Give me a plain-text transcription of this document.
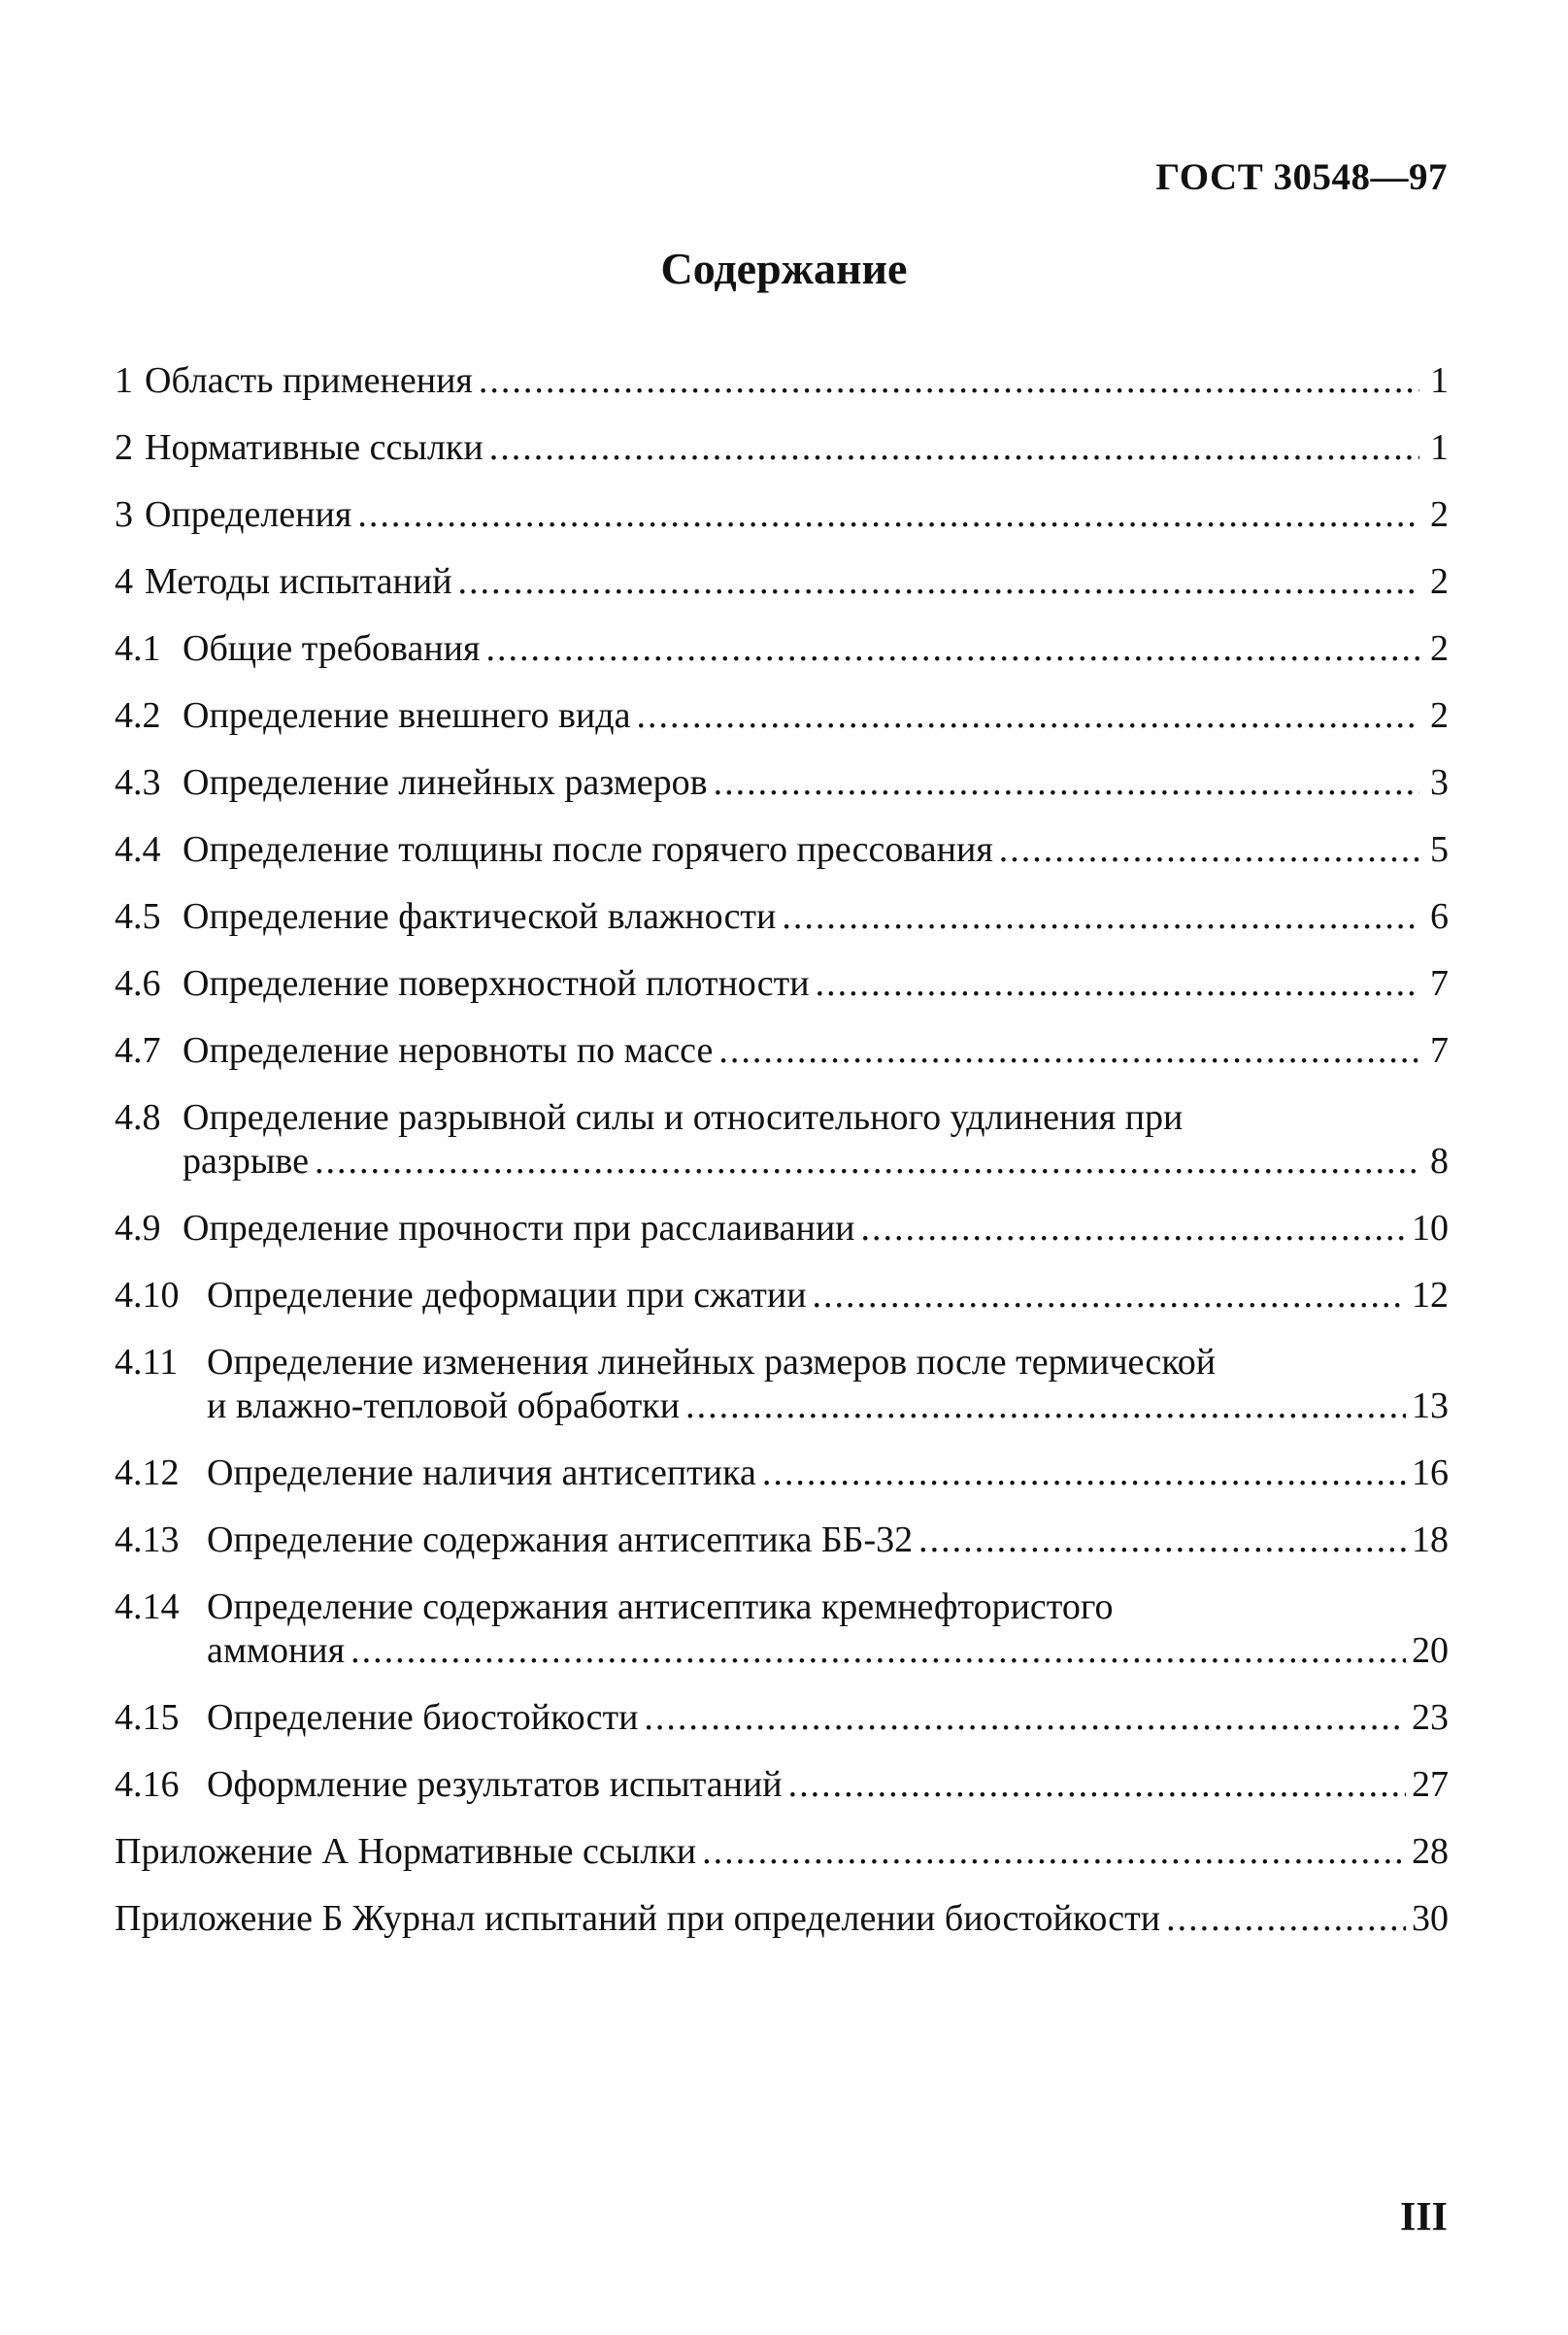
ГОСТ 30548—97
Содержание
1 Область применения .....	1
2 Нормативные ссылки .....	1
3 Определения .....	2
4 Методы испытаний .....	2
4.1 Общие требования .....	2
4.2 Определение внешнего вида .....	2
4.3 Определение линейных размеров .....	3
4.4 Определение толщины после горячего прессования .....	5
4.5 Определение фактической влажности .....	6
4.6 Определение поверхностной плотности .....	7
4.7 Определение неровноты по массе .....	7
4.8 Определение разрывной силы и относительного удлинения при
разрыве .....	8
4.9 Определение прочности при расслаивании .....	10
4.10 Определение деформации при сжатии .....	12
4.11 Определение изменения линейных размеров после термической
и влажно-тепловой обработки .....	13
4.12 Определение наличия антисептика .....	16
4.13 Определение содержания антисептика ББ-32 .....	18
4.14 Определение содержания антисептика кремнефтористого
аммония .....	20
4.15 Определение биостойкости .....	23
4.16 Оформление результатов испытаний .....	27
Приложение А Нормативные ссылки .....	28
Приложение Б Журнал испытаний при определении биостойкости .....	30
III
